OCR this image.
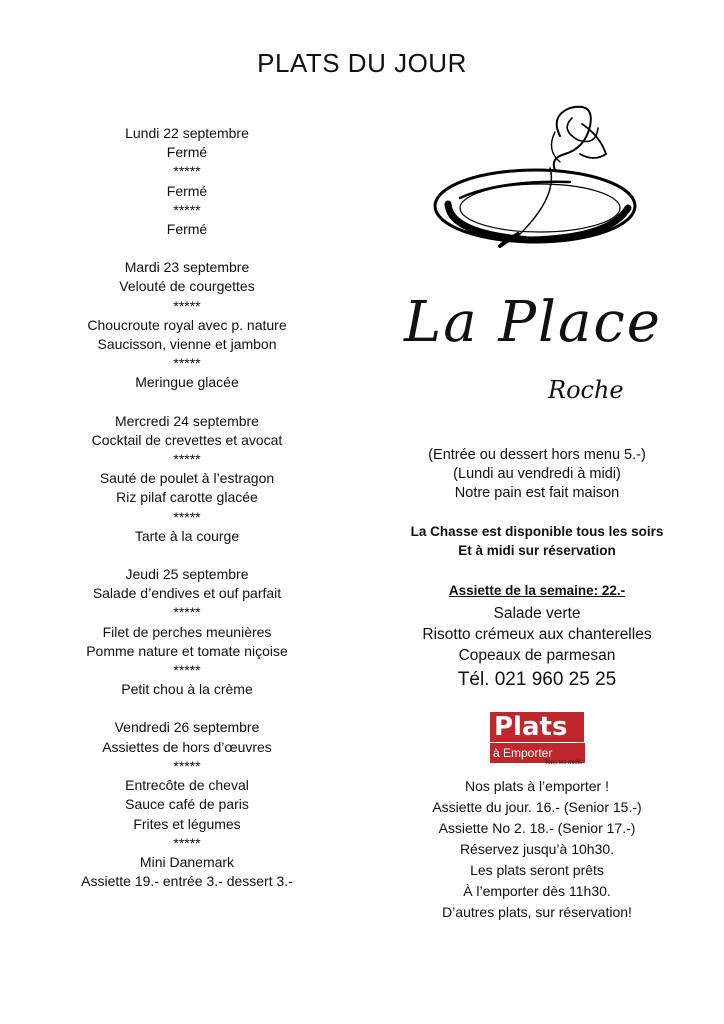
PLATS DU JOUR
Lundi 22 septembre
Fermé
*****
Fermé
*****
Fermé
Mardi 23 septembre
Velouté de courgettes
*****
Choucroute royal avec p. nature
Saucisson, vienne et jambon
*****
Meringue glacée
Mercredi 24 septembre
Cocktail de crevettes et avocat
*****
Sauté de poulet à l’estragon
Riz pilaf carotte glacée
*****
Tarte à la courge
Jeudi 25 septembre
Salade d’endives et ouf parfait
*****
Filet de perches meunières
Pomme nature et tomate niçoise
*****
Petit chou à la crème
Vendredi 26 septembre
Assiettes de hors d’œuvres
*****
Entrecôte de cheval
Sauce café de paris
Frites et légumes
*****
Mini Danemark
Assiette 19.- entrée 3.- dessert 3.-
La Place
Roche
(Entrée ou dessert hors menu 5.-)
(Lundi au vendredi à midi)
Notre pain est fait maison
La Chasse est disponible tous les soirs
Et à midi sur réservation
Assiette de la semaine: 22.-
Salade verte
Risotto crémeux aux chanterelles
Copeaux de parmesan
Tél. 021 960 25 25
Plats
à Emporter
Tous les midis
Nos plats à l’emporter !
Assiette du jour. 16.- (Senior 15.-)
Assiette No 2. 18.- (Senior 17.-)
Réservez jusqu’à 10h30.
Les plats seront prêts
À l’emporter dès 11h30.
D’autres plats, sur réservation!
